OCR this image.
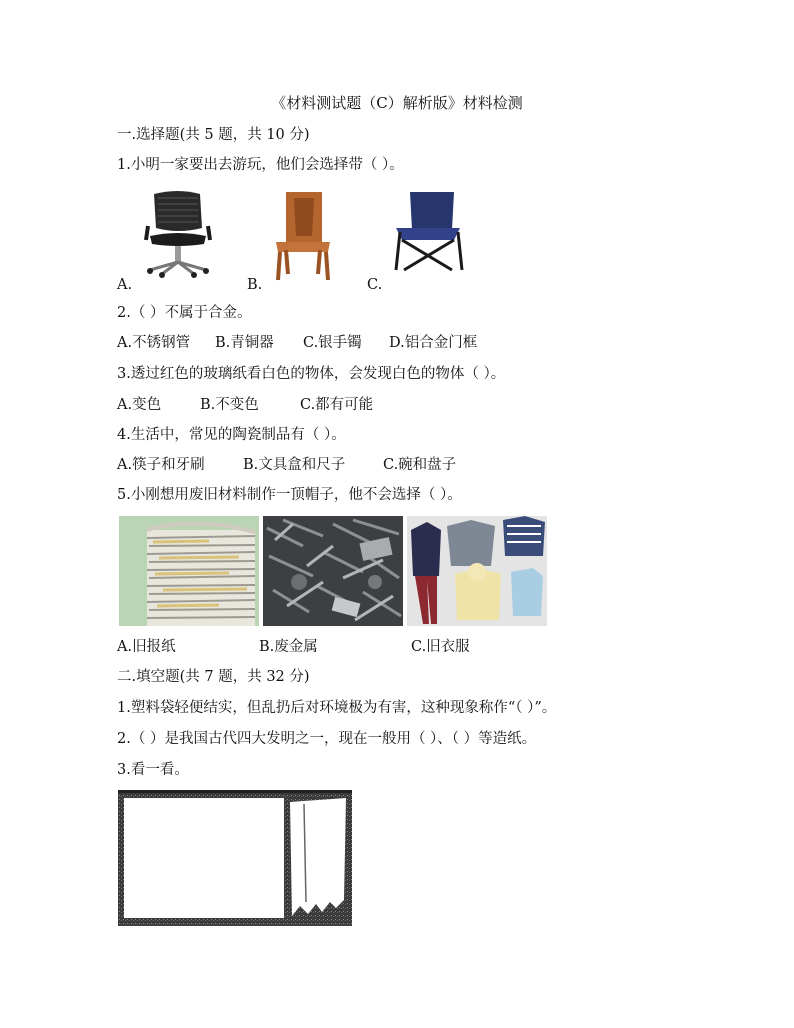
《材料测试题（C）解析版》材料检测
一.选择题(共 5 题，共 10 分)
1.小明一家要出去游玩，他们会选择带（ ）。
A.	B.	C.
2.（ ）不属于合金。
A.不锈钢管 B.青铜器 C.银手镯 D.铝合金门框
3.透过红色的玻璃纸看白色的物体，会发现白色的物体（ ）。
A.变色	B.不变色	C.都有可能
4.生活中，常见的陶瓷制品有（ ）。
A.筷子和牙刷	B.文具盒和尺子	C.碗和盘子
5.小刚想用废旧材料制作一顶帽子，他不会选择（ ）。
A.旧报纸	B.废金属	C.旧衣服
二.填空题(共 7 题，共 32 分)
1.塑料袋轻便结实，但乱扔后对环境极为有害，这种现象称作“（ ）”。
2.（ ）是我国古代四大发明之一，现在一般用（ ）、（ ）等造纸。
3.看一看。
